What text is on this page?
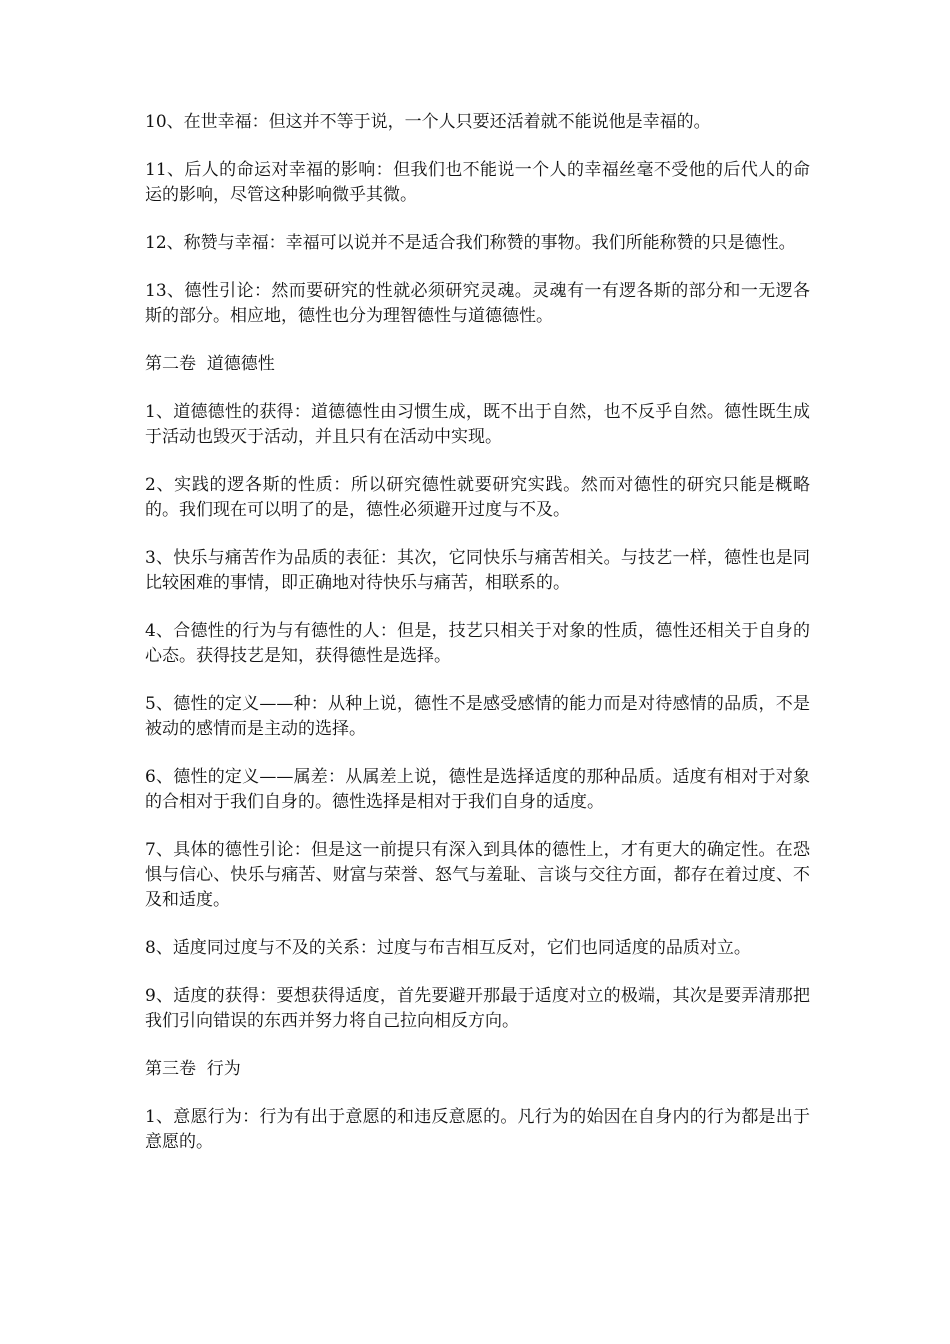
10、在世幸福：但这并不等于说，一个人只要还活着就不能说他是幸福的。

11、后人的命运对幸福的影响：但我们也不能说一个人的幸福丝毫不受他的后代人的命运的影响，尽管这种影响微乎其微。

12、称赞与幸福：幸福可以说并不是适合我们称赞的事物。我们所能称赞的只是德性。

13、德性引论：然而要研究的性就必须研究灵魂。灵魂有一有逻各斯的部分和一无逻各斯的部分。相应地，德性也分为理智德性与道德德性。

第二卷  道德德性

1、道德德性的获得：道德德性由习惯生成，既不出于自然，也不反乎自然。德性既生成于活动也毁灭于活动，并且只有在活动中实现。

2、实践的逻各斯的性质：所以研究德性就要研究实践。然而对德性的研究只能是概略的。我们现在可以明了的是，德性必须避开过度与不及。

3、快乐与痛苦作为品质的表征：其次，它同快乐与痛苦相关。与技艺一样，德性也是同比较困难的事情，即正确地对待快乐与痛苦，相联系的。

4、合德性的行为与有德性的人：但是，技艺只相关于对象的性质，德性还相关于自身的心态。获得技艺是知，获得德性是选择。

5、德性的定义——种：从种上说，德性不是感受感情的能力而是对待感情的品质，不是被动的感情而是主动的选择。

6、德性的定义——属差：从属差上说，德性是选择适度的那种品质。适度有相对于对象的合相对于我们自身的。德性选择是相对于我们自身的适度。

7、具体的德性引论：但是这一前提只有深入到具体的德性上，才有更大的确定性。在恐惧与信心、快乐与痛苦、财富与荣誉、怒气与羞耻、言谈与交往方面，都存在着过度、不及和适度。

8、适度同过度与不及的关系：过度与布吉相互反对，它们也同适度的品质对立。

9、适度的获得：要想获得适度，首先要避开那最于适度对立的极端，其次是要弄清那把我们引向错误的东西并努力将自己拉向相反方向。

第三卷  行为

1、意愿行为：行为有出于意愿的和违反意愿的。凡行为的始因在自身内的行为都是出于意愿的。
